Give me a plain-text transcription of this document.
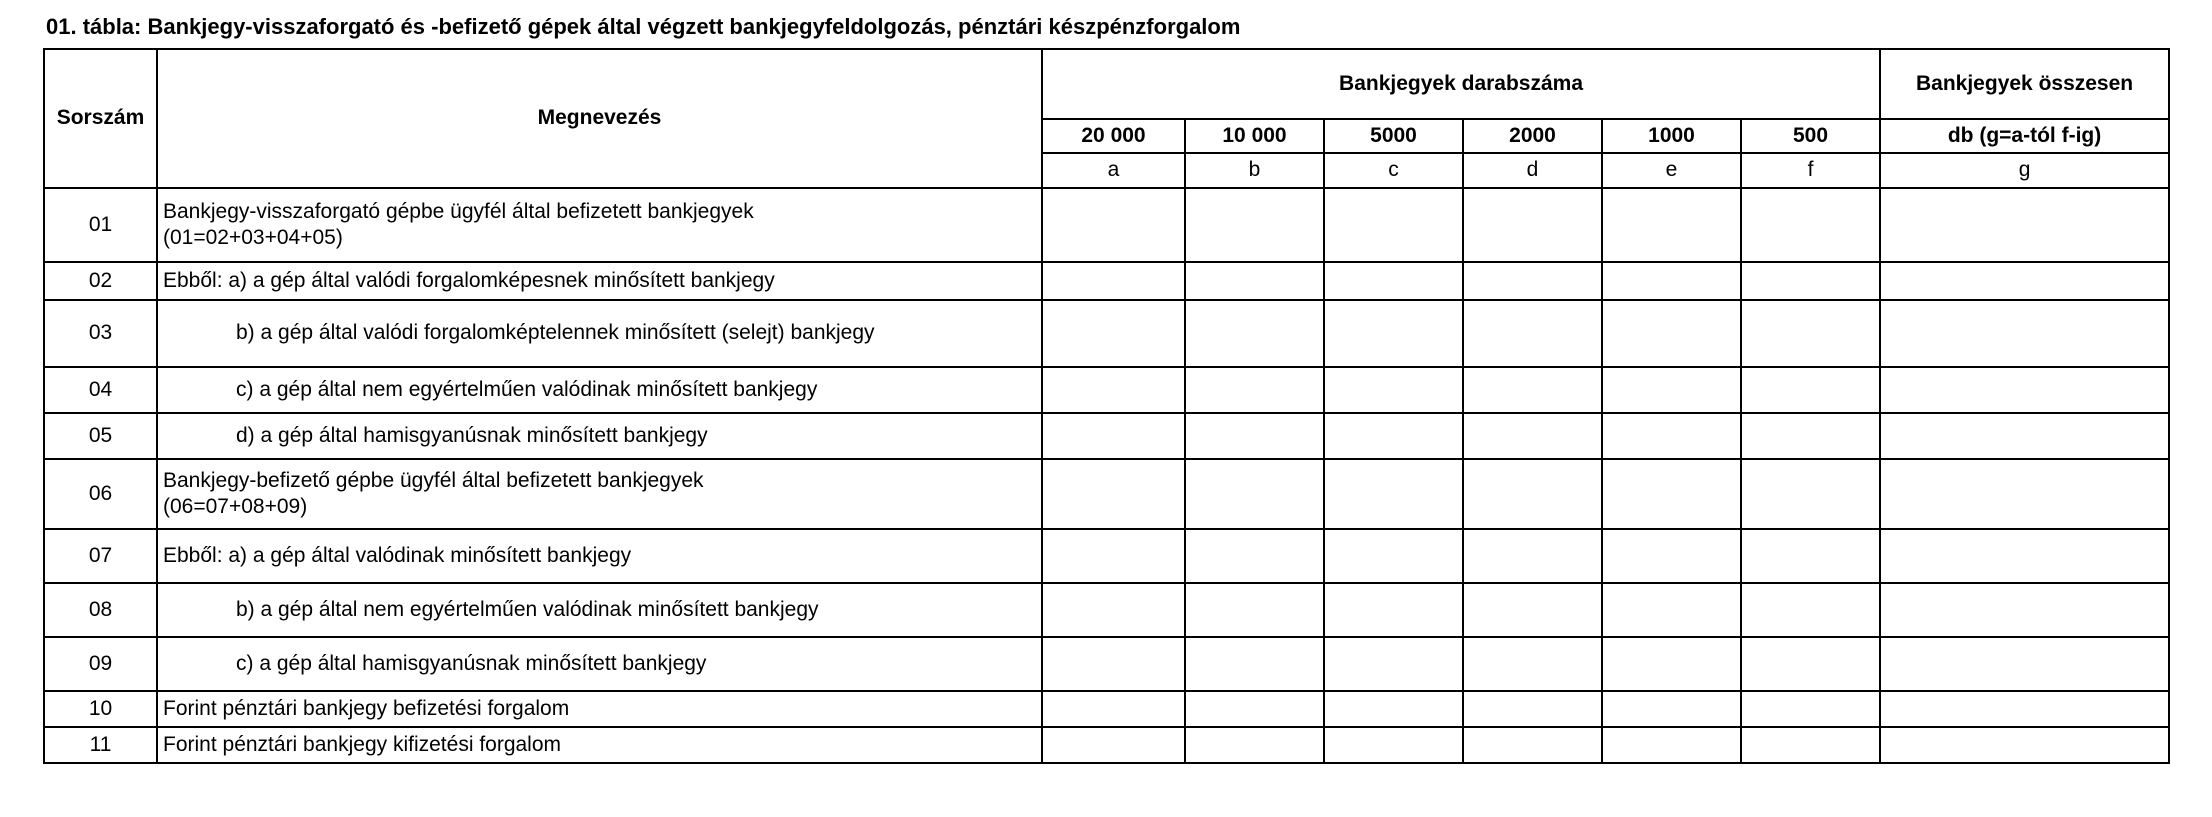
01. tábla: Bankjegy-visszaforgató és -befizető gépek által végzett bankjegyfeldolgozás, pénztári készpénzforgalom
Sorszám	Megnevezés	Bankjegyek darabszáma						Bankjegyek összesen
		20 000	10 000	5000	2000	1000	500	db (g=a-tól f-ig)
		a	b	c	d	e	f	g
01	Bankjegy-visszaforgató gépbe ügyfél által befizetett bankjegyek
(01=02+03+04+05)							

02	Ebből: a) a gép által valódi forgalomképesnek minősített bankjegy							

03	b) a gép által valódi forgalomképtelennek minősített (selejt) bankjegy							

04	c) a gép által nem egyértelműen valódinak minősített bankjegy							

05	d) a gép által hamisgyanúsnak minősített bankjegy							

06	Bankjegy-befizető gépbe ügyfél által befizetett bankjegyek
(06=07+08+09)							

07	Ebből: a) a gép által valódinak minősített bankjegy							

08	b) a gép által nem egyértelműen valódinak minősített bankjegy							

09	c) a gép által hamisgyanúsnak minősített bankjegy							

10	Forint pénztári bankjegy befizetési forgalom							

11	Forint pénztári bankjegy kifizetési forgalom							
